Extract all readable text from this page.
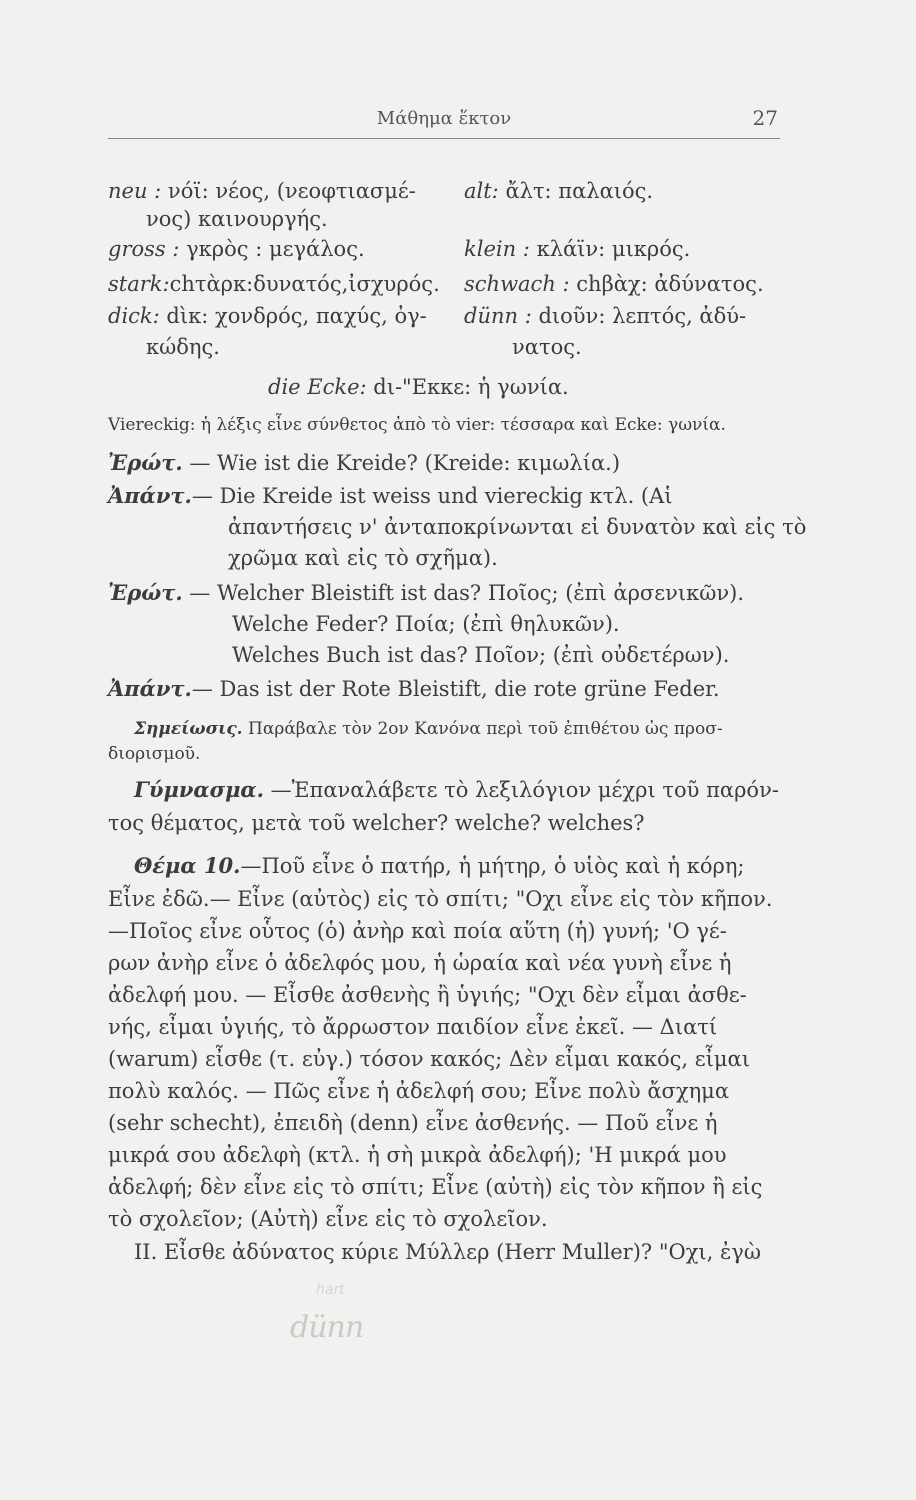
Μάθημα ἕκτον	27
neu : νόϊ: νέος, (νεοφτιασμέ-
νος) καινουργής.
gross : γκρὸς : μεγάλος.
stark:chτὰρκ:δυνατός,ἰσχυρός.
dick: dὶκ: χονδρός, παχύς, ὀγ-
κώδης.
alt: ἄλτ: παλαιός.
klein : κλάϊν: μικρός.
schwach : chβὰχ: ἀδύνατος.
dünn : dιοῦν: λεπτός, ἀδύ-
νατος.
die Ecke: dι-"Εκκε: ἡ γωνία.
Viereckig: ἡ λέξις εἶνε σύνθετος ἀπὸ τὸ vier: τέσσαρα καὶ Ecke: γωνία.
Ἐρώτ. — Wie ist die Kreide? (Kreide: κιμωλία.)
Ἀπάντ.— Die Kreide ist weiss und viereckig κτλ. (Αἱ
ἀπαντήσεις ν' ἀνταποκρίνωνται εἰ δυνατὸν καὶ εἰς τὸ
χρῶμα καὶ εἰς τὸ σχῆμα).
Ἐρώτ. — Welcher Bleistift ist das? Ποῖος; (ἐπὶ ἀρσενικῶν).
Welche Feder? Ποία; (ἐπὶ θηλυκῶν).
Welches Buch ist das? Ποῖον; (ἐπὶ οὐδετέρων).
Ἀπάντ.— Das ist der Rote Bleistift, die rote grüne Feder.
Σημείωσις. Παράβαλε τὸν 2ον Κανόνα περὶ τοῦ ἐπιθέτου ὡς προσ-
διορισμοῦ.
Γύμνασμα. —Ἐπαναλάβετε τὸ λεξιλόγιον μέχρι τοῦ παρόν-
τος θέματος, μετὰ τοῦ welcher? welche? welches?
Θέμα 10.—Ποῦ εἶνε ὁ πατήρ, ἡ μήτηρ, ὁ υἱὸς καὶ ἡ κόρη;
Εἶνε ἐδῶ.— Εἶνε (αὐτὸς) εἰς τὸ σπίτι; "Οχι εἶνε εἰς τὸν κῆπον.
—Ποῖος εἶνε οὗτος (ὁ) ἀνὴρ καὶ ποία αὕτη (ἡ) γυνή; 'Ο γέ-
ρων ἀνὴρ εἶνε ὁ ἀδελφός μου, ἡ ὡραία καὶ νέα γυνὴ εἶνε ἡ
ἀδελφή μου. — Εἶσθε ἀσθενὴς ἢ ὑγιής; "Οχι δὲν εἶμαι ἀσθε-
νής, εἶμαι ὑγιής, τὸ ἄρρωστον παιδίον εἶνε ἐκεῖ. — Διατί
(warum) εἶσθε (τ. εὐγ.) τόσον κακός; Δὲν εἶμαι κακός, εἶμαι
πολὺ καλός. — Πῶς εἶνε ἡ ἀδελφή σου; Εἶνε πολὺ ἄσχημα
(sehr schecht), ἐπειδὴ (denn) εἶνε ἀσθενής. — Ποῦ εἶνε ἡ
μικρά σου ἀδελφὴ (κτλ. ἡ σὴ μικρὰ ἀδελφή); 'Η μικρά μου
ἀδελφή; δὲν εἶνε εἰς τὸ σπίτι; Εἶνε (αὐτὴ) εἰς τὸν κῆπον ἢ εἰς
τὸ σχολεῖον; (Αὐτὴ) εἶνε εἰς τὸ σχολεῖον.
II. Εἶσθε ἀδύνατος κύριε Μύλλερ (Herr Muller)? "Οχι, ἐγὼ
hart
dünn
